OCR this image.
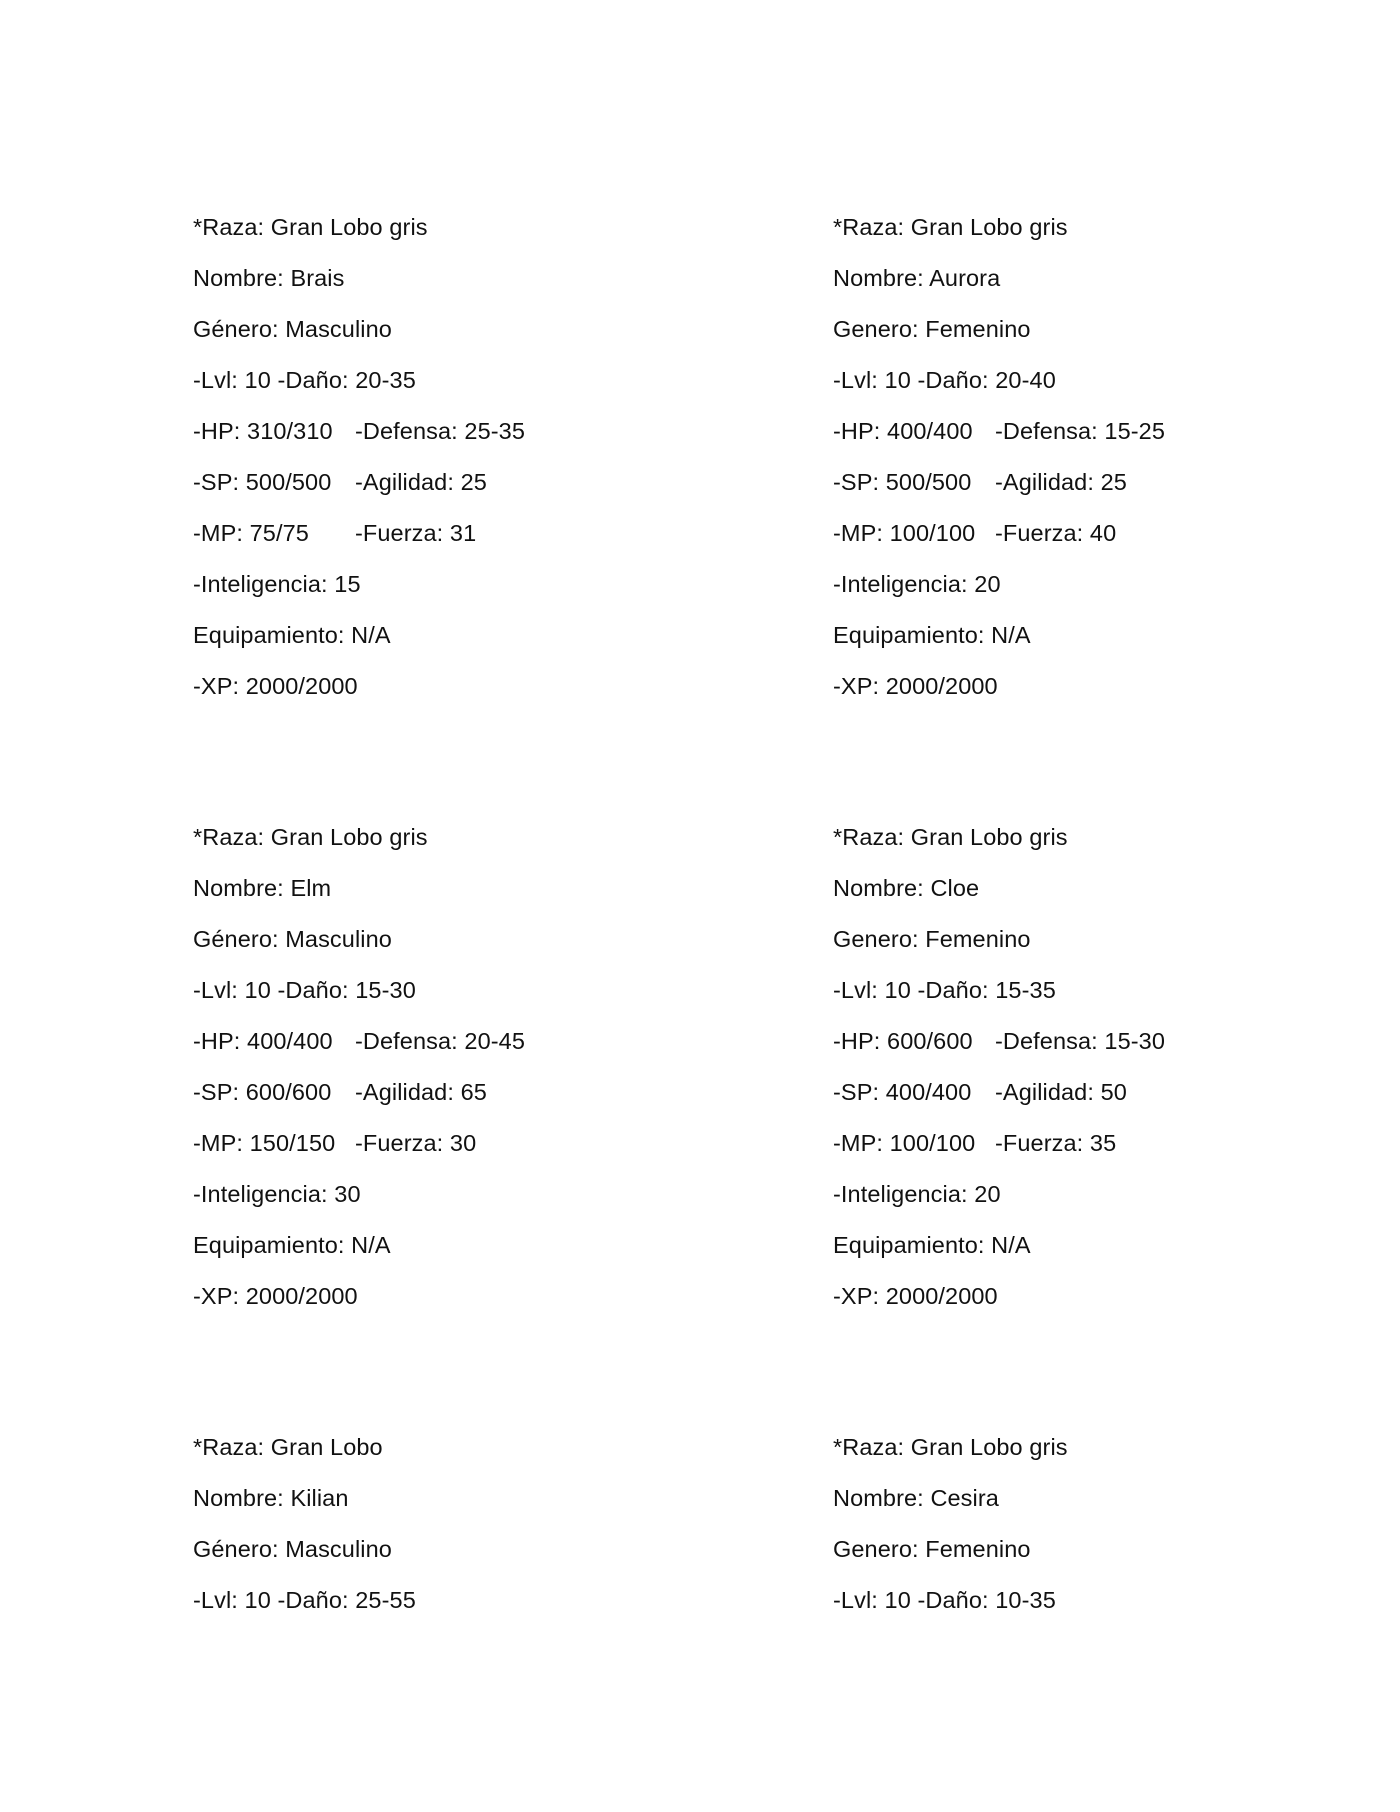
*Raza: Gran Lobo gris
Nombre: Brais
Género: Masculino
-Lvl: 10 -Daño: 20-35
-HP: 310/310 -Defensa: 25-35
-SP: 500/500 -Agilidad: 25
-MP: 75/75 -Fuerza: 31
-Inteligencia: 15
Equipamiento: N/A
-XP: 2000/2000
*Raza: Gran Lobo gris
Nombre: Aurora
Genero: Femenino
-Lvl: 10 -Daño: 20-40
-HP: 400/400 -Defensa: 15-25
-SP: 500/500 -Agilidad: 25
-MP: 100/100 -Fuerza: 40
-Inteligencia: 20
Equipamiento: N/A
-XP: 2000/2000
*Raza: Gran Lobo gris
Nombre: Elm
Género: Masculino
-Lvl: 10 -Daño: 15-30
-HP: 400/400 -Defensa: 20-45
-SP: 600/600 -Agilidad: 65
-MP: 150/150 -Fuerza: 30
-Inteligencia: 30
Equipamiento: N/A
-XP: 2000/2000
*Raza: Gran Lobo gris
Nombre: Cloe
Genero: Femenino
-Lvl: 10 -Daño: 15-35
-HP: 600/600 -Defensa: 15-30
-SP: 400/400 -Agilidad: 50
-MP: 100/100 -Fuerza: 35
-Inteligencia: 20
Equipamiento: N/A
-XP: 2000/2000
*Raza: Gran Lobo
Nombre: Kilian
Género: Masculino
-Lvl: 10 -Daño: 25-55
*Raza: Gran Lobo gris
Nombre: Cesira
Genero: Femenino
-Lvl: 10 -Daño: 10-35
